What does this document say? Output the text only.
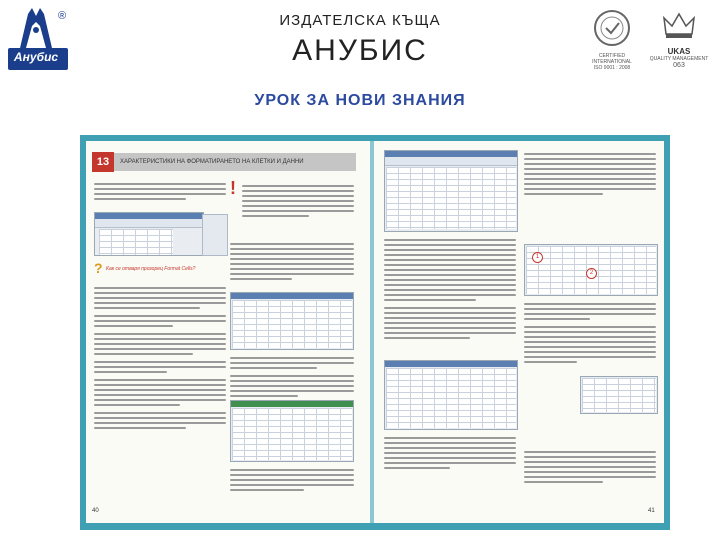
Анубис
®	ИЗДАТЕЛСКА КЪЩА
АНУБИС
УРОК ЗА НОВИ ЗНАНИЯ
CERTIFIED INTERNATIONAL
ISO 9001 : 2008
UKAS
QUALITY MANAGEMENT
063
13	ХАРАКТЕРИСТИКИ НА ФОРМАТИРАНЕТО НА КЛЕТКИ И ДАННИ
? Как се отваря прозорец Format Cells?
!
40
1
2
41
